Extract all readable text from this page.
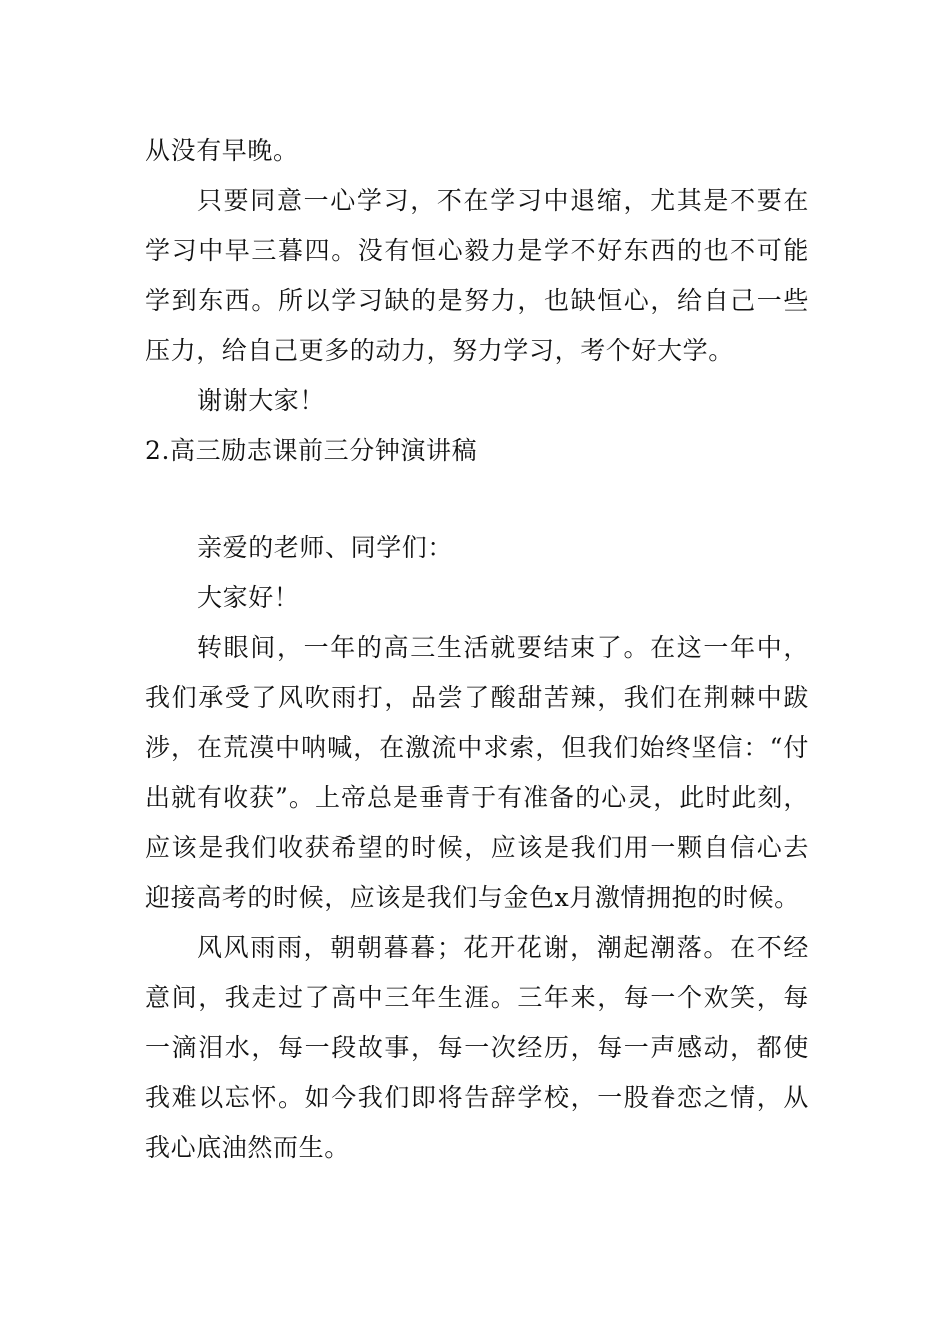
从没有早晚。

只要同意一心学习，不在学习中退缩，尤其是不要在学习中早三暮四。没有恒心毅力是学不好东西的也不可能学到东西。所以学习缺的是努力，也缺恒心，给自己一些压力，给自己更多的动力，努力学习，考个好大学。

谢谢大家！

2.高三励志课前三分钟演讲稿

亲爱的老师、同学们：

大家好！

转眼间，一年的高三生活就要结束了。在这一年中，我们承受了风吹雨打，品尝了酸甜苦辣，我们在荆棘中跋涉，在荒漠中呐喊，在激流中求索，但我们始终坚信：“付出就有收获”。上帝总是垂青于有准备的心灵，此时此刻，应该是我们收获希望的时候，应该是我们用一颗自信心去迎接高考的时候，应该是我们与金色x月激情拥抱的时候。

风风雨雨，朝朝暮暮；花开花谢，潮起潮落。在不经意间，我走过了高中三年生涯。三年来，每一个欢笑，每一滴泪水，每一段故事，每一次经历，每一声感动，都使我难以忘怀。如今我们即将告辞学校，一股眷恋之情，从我心底油然而生。
